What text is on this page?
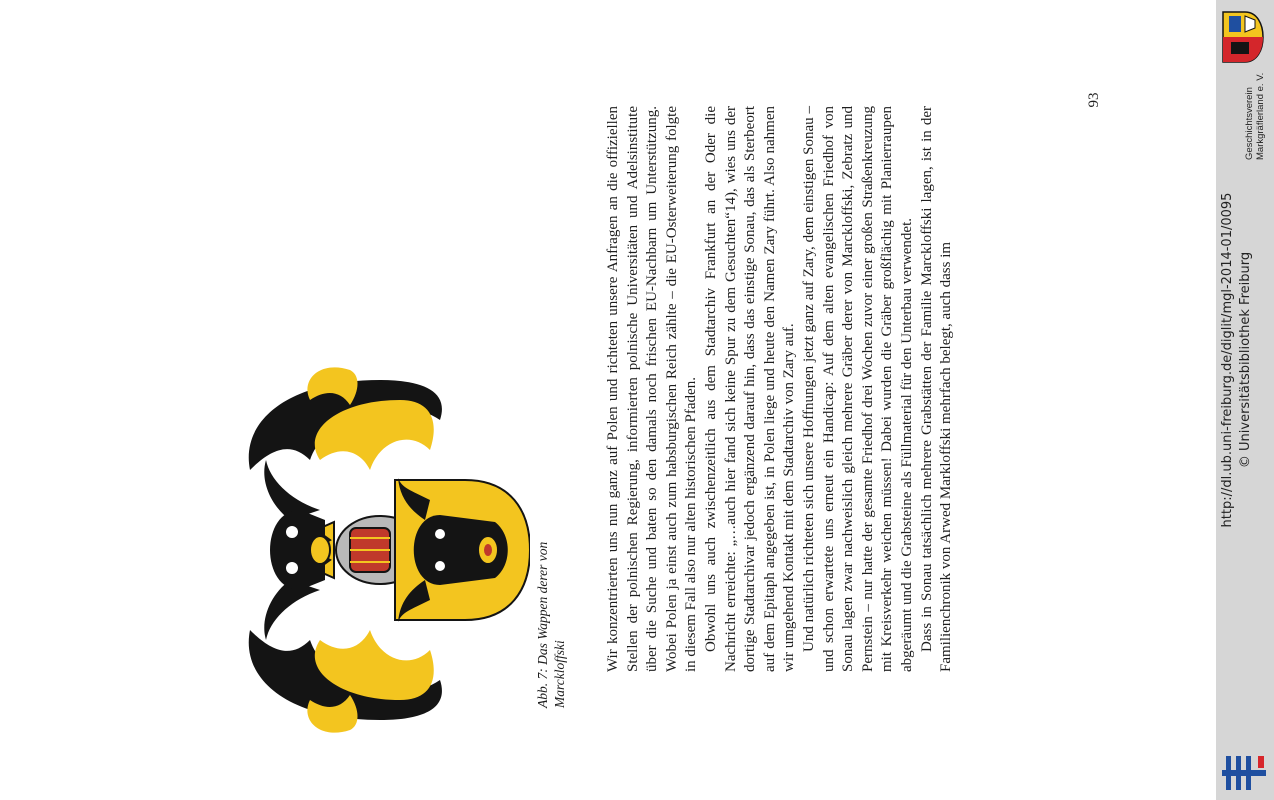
Abb. 7: Das Wappen derer von Marckloffski

Wir konzentrierten uns nun ganz auf Polen und richteten unsere Anfragen an die offiziellen Stellen der polnischen Regierung, informierten polnische Universitäten und Adelsinstitute über die Suche und baten so den damals noch frischen EU-Nachbarn um Unterstützung. Wobei Polen ja einst auch zum habsburgischen Reich zählte – die EU-Osterweiterung folgte in diesem Fall also nur alten historischen Pfaden. Obwohl uns auch zwischenzeitlich aus dem Stadtarchiv Frankfurt an der Oder die Nachricht erreichte: „…auch hier fand sich keine Spur zu dem Gesuchten“14), wies uns der dortige Stadtarchivar jedoch ergänzend darauf hin, dass das einstige Sonau, das als Sterbeort auf dem Epitaph angegeben ist, in Polen liege und heute den Namen Zary führt. Also nahmen wir umgehend Kontakt mit dem Stadtarchiv von Zary auf. Und natürlich richteten sich unsere Hoffnungen jetzt ganz auf Zary, dem einstigen Sonau – und schon erwartete uns erneut ein Handicap: Auf dem alten evangelischen Friedhof von Sonau lagen zwar nachweislich gleich mehrere Gräber derer von Marckloffski, Zebratz und Pernstein – nur hatte der gesamte Friedhof drei Wochen zuvor einer großen Straßenkreuzung mit Kreisverkehr weichen müssen! Dabei wurden die Gräber großflächig mit Planierraupen abgeräumt und die Grabsteine als Füllmaterial für den Unterbau verwendet. Dass in Sonau tatsächlich mehrere Grabstätten der Familie Marckloffski lagen, ist in der Familienchronik von Arwed Markloffski mehrfach belegt, auch dass im

93
http://dl.ub.uni-freiburg.de/diglit/mgl-2014-01/0095 © Universitätsbibliothek Freiburg
Geschichtsverein Markgräflerland e. V.
